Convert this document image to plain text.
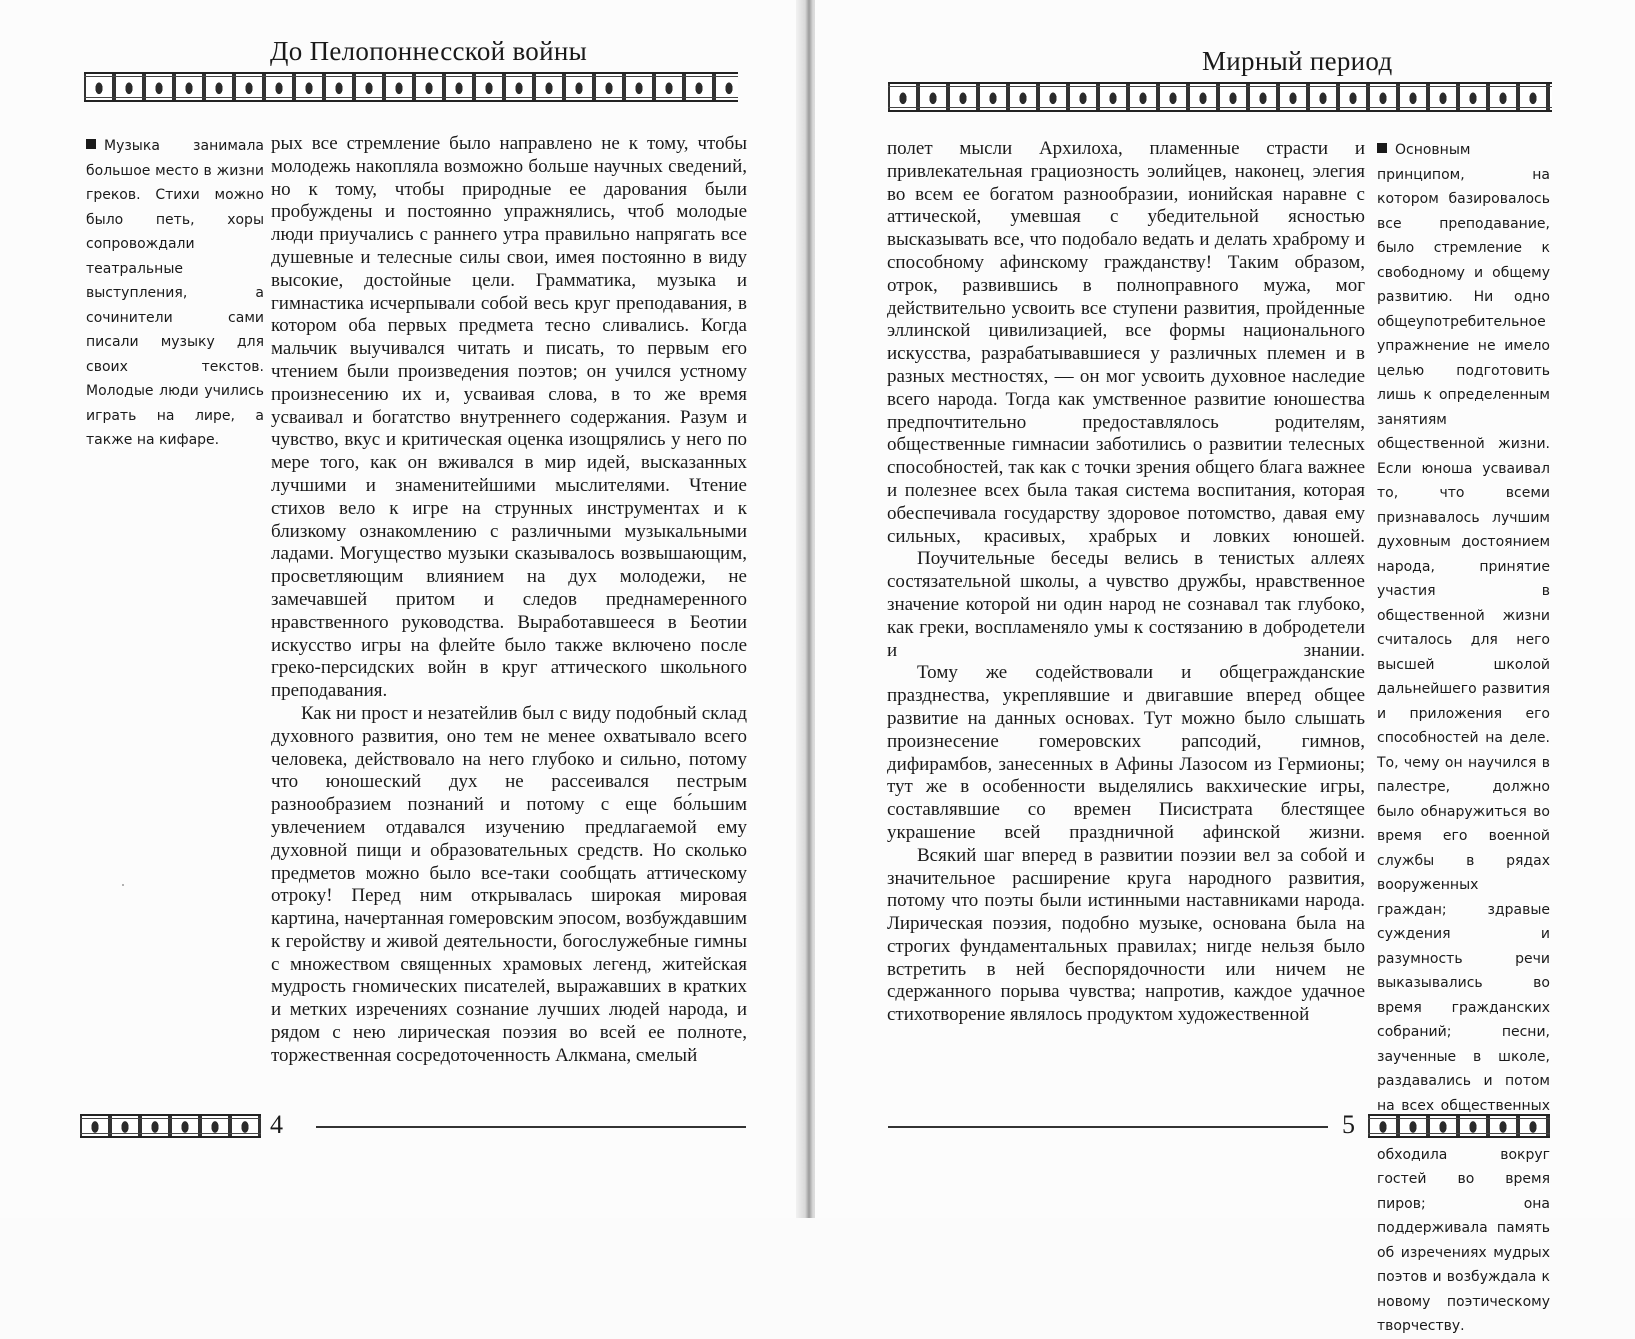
До Пелопоннесской войны
Музыка занимала большое место в жизни греков. Стихи можно было петь, хоры сопровождали театральные выступления, а сочинители сами писали музыку для своих текстов. Молодые люди учились играть на лире, а также на кифаре.

рых все стремление было направлено не к тому, чтобы молодежь накопляла возможно больше научных сведений, но к тому, чтобы природные ее дарования были пробуждены и постоянно упражнялись, чтоб молодые люди приучались с раннего утра правильно напрягать все душевные и телесные силы свои, имея постоянно в виду высокие, достойные цели. Грамматика, музыка и гимнастика исчерпывали собой весь круг преподавания, в котором оба первых предмета тесно сливались. Когда мальчик выучивался читать и писать, то первым его чтением были произведения поэтов; он учился устному произнесению их и, усваивая слова, в то же время усваивал и богатство внутреннего содержания. Разум и чувство, вкус и критическая оценка изощрялись у него по мере того, как он вживался в мир идей, высказанных лучшими и знаменитейшими мыслителями. Чтение стихов вело к игре на струнных инструментах и к близкому ознакомлению с различными музыкальными ладами. Могущество музыки сказывалось возвышающим, просветляющим влиянием на дух молодежи, не замечавшей притом и следов преднамеренного нравственного руководства. Выработавшееся в Беотии искусство игры на флейте было также включено после греко-персидских войн в круг аттического школьного преподавания.

Как ни прост и незатейлив был с виду подобный склад духовного развития, оно тем не менее охватывало всего человека, действовало на него глубоко и сильно, потому что юношеский дух не рассеивался пестрым разнообразием познаний и потому с еще бо́льшим увлечением отдавался изучению предлагаемой ему духовной пищи и образовательных средств. Но сколько предметов можно было все-таки сообщать аттическому отроку! Перед ним открывалась широкая мировая картина, начертанная гомеровским эпосом, возбуждавшим к геройству и живой деятельности, богослужебные гимны с множеством священных храмовых легенд, житейская мудрость гномических писателей, выражавших в кратких и метких изречениях сознание лучших людей народа, и рядом с нею лирическая поэзия во всей ее полноте, торжественная сосредоточенность Алкмана, смелый

4
Мирный период

полет мысли Архилоха, пламенные страсти и привлекательная грациозность эолийцев, наконец, элегия во всем ее богатом разнообразии, ионийская наравне с аттической, умевшая с убедительной ясностью высказывать все, что подобало ведать и делать храброму и способному афинскому гражданству! Таким образом, отрок, развившись в полноправного мужа, мог действительно усвоить все ступени развития, пройденные эллинской цивилизацией, все формы национального искусства, разрабатывавшиеся у различных племен и в разных местностях, — он мог усвоить духовное наследие всего народа. Тогда как умственное развитие юношества предпочтительно предоставлялось родителям, общественные гимнасии заботились о развитии телесных способностей, так как с точки зрения общего блага важнее и полезнее всех была такая система воспитания, которая обеспечивала государству здоровое потомство, давая ему сильных, красивых, храбрых и ловких юношей.

Поучительные беседы велись в тенистых аллеях состязательной школы, а чувство дружбы, нравственное значение которой ни один народ не сознавал так глубоко, как греки, воспламеняло умы к состязанию в добродетели и знании.

Тому же содействовали и общегражданские празднества, укреплявшие и двигавшие вперед общее развитие на данных основах. Тут можно было слышать произнесение гомеровских рапсодий, гимнов, дифирамбов, занесенных в Афины Лазосом из Гермионы; тут же в особенности выделялись вакхические игры, составлявшие со времен Писистрата блестящее украшение всей праздничной афинской жизни.

Всякий шаг вперед в развитии поэзии вел за собой и значительное расширение круга народного развития, потому что поэты были истинными наставниками народа. Лирическая поэзия, подобно музыке, основана была на строгих фундаментальных правилах; нигде нельзя было встретить в ней беспорядочности или ничем не сдержанного порыва чувства; напротив, каждое удачное стихотворение являлось продуктом художественной

Основным принципом, на котором базировалось все преподавание, было стремление к свободному и общему развитию. Ни одно общеупотребительное упражнение не имело целью подготовить лишь к определенным занятиям общественной жизни. Если юноша усваивал то, что всеми признавалось лучшим духовным достоянием народа, принятие участия в общественной жизни считалось для него высшей школой дальнейшего развития и приложения его способностей на деле. То, чему он научился в палестре, должно было обнаружиться во время его военной службы в рядах вооруженных граждан; здравые суждения и разумность речи выказывались во время гражданских собраний; песни, заученные в школе, раздавались и потом на всех общественных обходила вокруг гостей во время пиров; она поддерживала память об изречениях мудрых поэтов и возбуждала к новому поэтическому творчеству.
5
